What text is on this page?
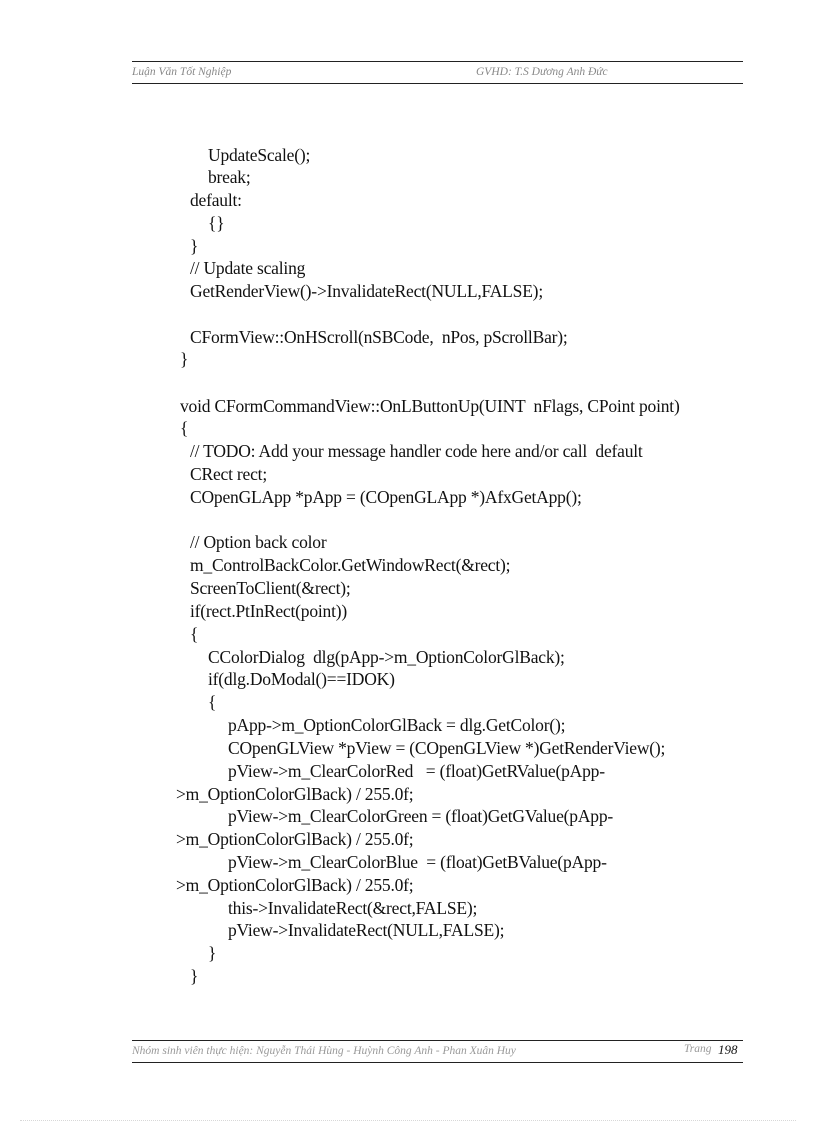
Luận Văn Tốt Nghiệp	GVHD: T.S Dương Anh Đức
UpdateScale();
break;
default:
{}
}
// Update scaling
GetRenderView()->InvalidateRect(NULL,FALSE);
CFormView::OnHScroll(nSBCode,  nPos, pScrollBar);
}
void CFormCommandView::OnLButtonUp(UINT  nFlags, CPoint point)
{
// TODO: Add your message handler code here and/or call  default
CRect rect;
COpenGLApp *pApp = (COpenGLApp *)AfxGetApp();
// Option back color
m_ControlBackColor.GetWindowRect(&rect);
ScreenToClient(&rect);
if(rect.PtInRect(point))
{
CColorDialog  dlg(pApp->m_OptionColorGlBack);
if(dlg.DoModal()==IDOK)
{
pApp->m_OptionColorGlBack = dlg.GetColor();
COpenGLView *pView = (COpenGLView *)GetRenderView();
pView->m_ClearColorRed   = (float)GetRValue(pApp-
>m_OptionColorGlBack) / 255.0f;
pView->m_ClearColorGreen = (float)GetGValue(pApp-
>m_OptionColorGlBack) / 255.0f;
pView->m_ClearColorBlue  = (float)GetBValue(pApp-
>m_OptionColorGlBack) / 255.0f;
this->InvalidateRect(&rect,FALSE);
pView->InvalidateRect(NULL,FALSE);
}
}
Nhóm sinh viên thực hiện: Nguyễn Thái Hùng - Huỳnh Công Anh - Phan Xuân Huy	Trang 198
